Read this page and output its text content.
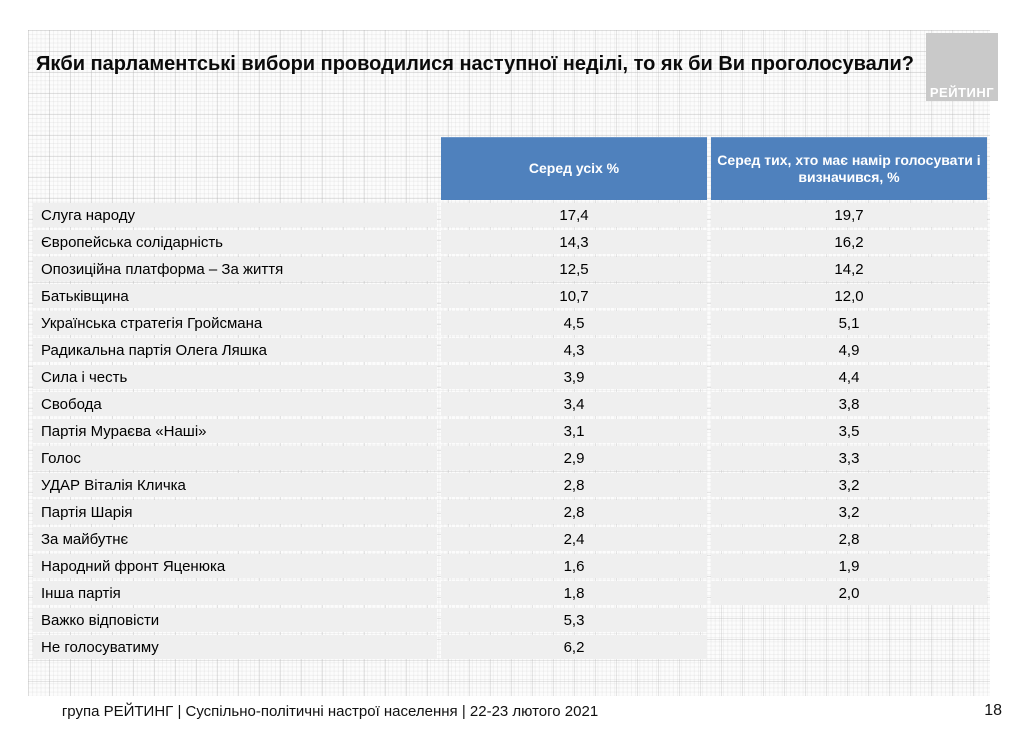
Якби парламентські вибори проводилися наступної неділі, то як би Ви проголосували?
РЕЙТИНГ
Серед усіх %
Серед тих, хто має намір голосувати і визначився, %
Слуга народу	17,4	19,7
Європейська солідарність	14,3	16,2
Опозиційна платформа – За життя	12,5	14,2
Батьківщина	10,7	12,0
Українська стратегія Гройсмана	4,5	5,1
Радикальна партія Олега Ляшка	4,3	4,9
Сила і честь	3,9	4,4
Свобода	3,4	3,8
Партія Мураєва «Наші»	3,1	3,5
Голос	2,9	3,3
УДАР Віталія Кличка	2,8	3,2
Партія Шарія	2,8	3,2
За майбутнє	2,4	2,8
Народний фронт Яценюка	1,6	1,9
Інша партія	1,8	2,0
Важко відповісти	5,3
Не голосуватиму	6,2
група РЕЙТИНГ | Суспільно-політичні настрої населення | 22-23 лютого 2021	18
